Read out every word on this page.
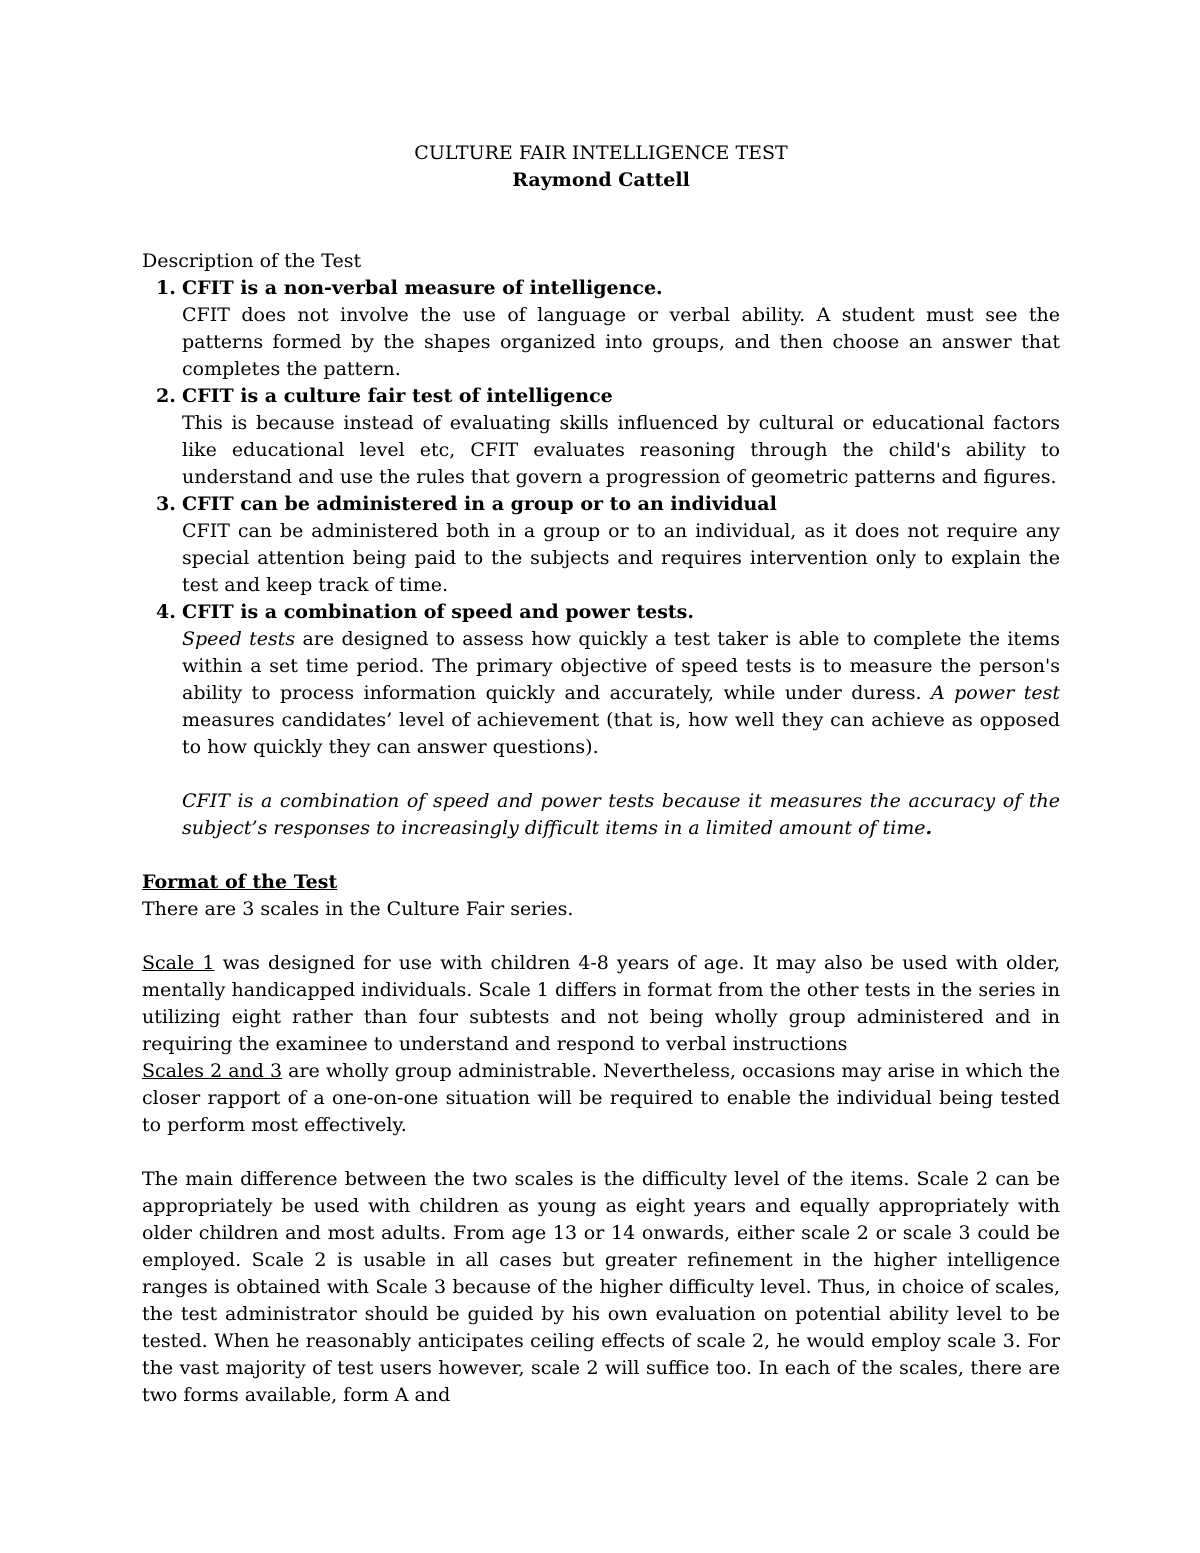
CULTURE FAIR INTELLIGENCE TEST
Raymond Cattell
Description of the Test
1. CFIT is a non-verbal measure of intelligence.
CFIT does not involve the use of language or verbal ability. A student must see the patterns formed by the shapes organized into groups, and then choose an answer that completes the pattern.
2. CFIT is a culture fair test of intelligence
This is because instead of evaluating skills influenced by cultural or educational factors like educational level etc, CFIT evaluates reasoning through the child's ability to understand and use the rules that govern a progression of geometric patterns and figures.
3. CFIT can be administered in a group or to an individual
CFIT can be administered both in a group or to an individual, as it does not require any special attention being paid to the subjects and requires intervention only to explain the test and keep track of time.
4. CFIT is a combination of speed and power tests.
Speed tests are designed to assess how quickly a test taker is able to complete the items within a set time period. The primary objective of speed tests is to measure the person's ability to process information quickly and accurately, while under duress. A power test measures candidates’ level of achievement (that is, how well they can achieve as opposed to how quickly they can answer questions).
CFIT is a combination of speed and power tests because it measures the accuracy of the subject’s responses to increasingly difficult items in a limited amount of time.
Format of the Test
There are 3 scales in the Culture Fair series.
Scale 1 was designed for use with children 4-8 years of age. It may also be used with older, mentally handicapped individuals. Scale 1 differs in format from the other tests in the series in utilizing eight rather than four subtests and not being wholly group administered and in requiring the examinee to understand and respond to verbal instructions
Scales 2 and 3 are wholly group administrable. Nevertheless, occasions may arise in which the closer rapport of a one-on-one situation will be required to enable the individual being tested to perform most effectively.
The main difference between the two scales is the difficulty level of the items. Scale 2 can be appropriately be used with children as young as eight years and equally appropriately with older children and most adults. From age 13 or 14 onwards, either scale 2 or scale 3 could be employed. Scale 2 is usable in all cases but greater refinement in the higher intelligence ranges is obtained with Scale 3 because of the higher difficulty level. Thus, in choice of scales, the test administrator should be guided by his own evaluation on potential ability level to be tested. When he reasonably anticipates ceiling effects of scale 2, he would employ scale 3. For the vast majority of test users however, scale 2 will suffice too. In each of the scales, there are two forms available, form A and
